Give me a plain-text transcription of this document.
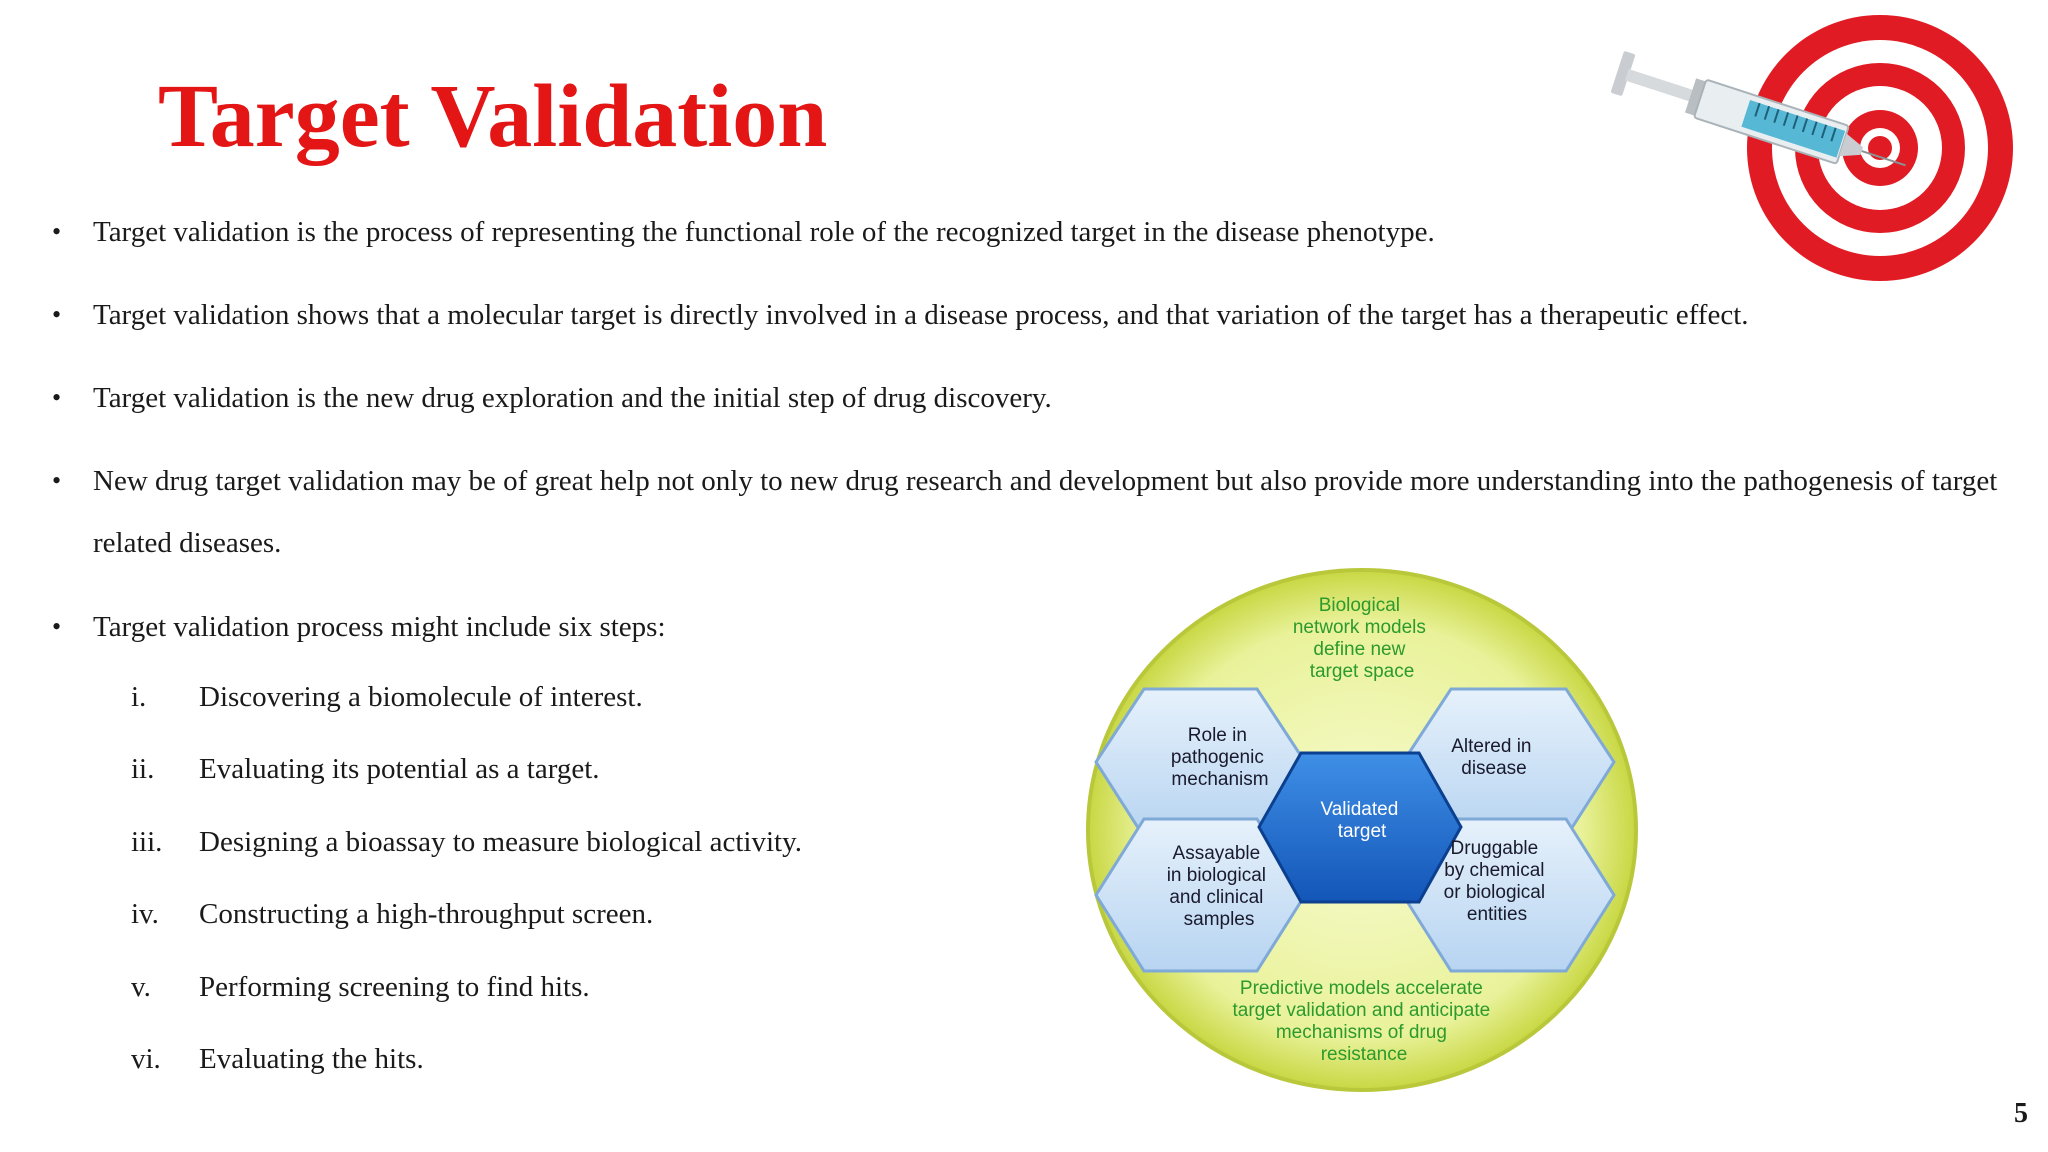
Target Validation
• Target validation is the process of representing the functional role of the recognized target in the disease phenotype.
• Target validation shows that a molecular target is directly involved in a disease process, and that variation of the target has a therapeutic effect.
• Target validation is the new drug exploration and the initial step of drug discovery.
• New drug target validation may be of great help not only to new drug research and development but also provide more understanding into the pathogenesis of target related diseases.
• Target validation process might include six steps:
i. Discovering a biomolecule of interest.
ii. Evaluating its potential as a target.
iii. Designing a bioassay to measure biological activity.
iv. Constructing a high-throughput screen.
v. Performing screening to find hits.
vi. Evaluating the hits.
Biological network models define new target space
Role in pathogenic mechanism
Altered in disease
Validated target
Assayable in biological and clinical samples
Druggable by chemical or biological entities
Predictive models accelerate target validation and anticipate mechanisms of drug resistance
5
